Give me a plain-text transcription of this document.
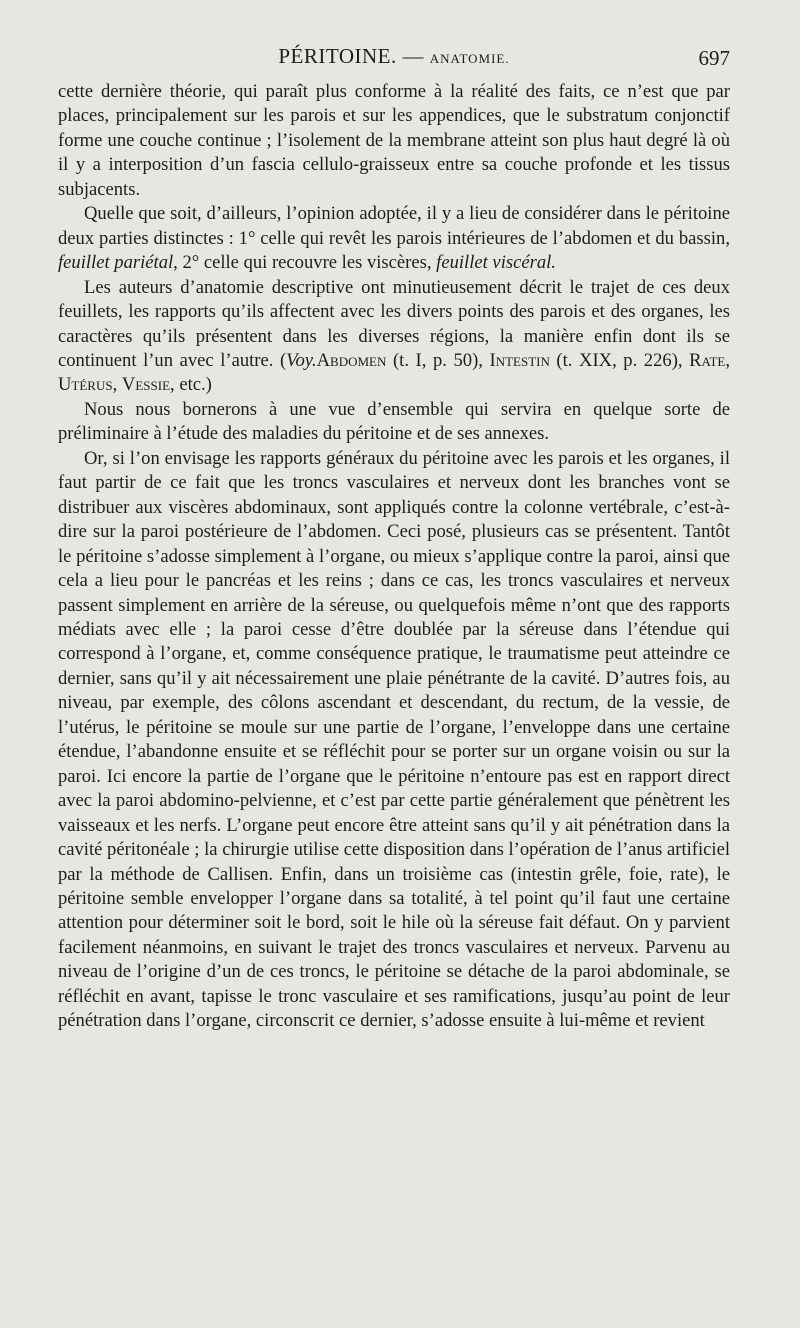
PÉRITOINE. — ANATOMIE.	697

cette dernière théorie, qui paraît plus conforme à la réalité des faits, ce n’est que par places, principalement sur les parois et sur les appendices, que le substratum conjonctif forme une couche continue ; l’isolement de la membrane atteint son plus haut degré là où il y a interposition d’un fascia cellulo-graisseux entre sa couche profonde et les tissus subjacents.

Quelle que soit, d’ailleurs, l’opinion adoptée, il y a lieu de considérer dans le péritoine deux parties distinctes : 1° celle qui revêt les parois intérieures de l’abdomen et du bassin, feuillet pariétal, 2° celle qui recouvre les viscères, feuillet viscéral.

Les auteurs d’anatomie descriptive ont minutieusement décrit le trajet de ces deux feuillets, les rapports qu’ils affectent avec les divers points des parois et des organes, les caractères qu’ils présentent dans les diverses régions, la manière enfin dont ils se continuent l’un avec l’autre. (Voy.Abdomen (t. I, p. 50), Intestin (t. XIX, p. 226), Rate, Utérus, Vessie, etc.)

Nous nous bornerons à une vue d’ensemble qui servira en quelque sorte de préliminaire à l’étude des maladies du péritoine et de ses annexes.

Or, si l’on envisage les rapports généraux du péritoine avec les parois et les organes, il faut partir de ce fait que les troncs vasculaires et nerveux dont les branches vont se distribuer aux viscères abdominaux, sont appliqués contre la colonne vertébrale, c’est-à-dire sur la paroi postérieure de l’abdomen. Ceci posé, plusieurs cas se présentent. Tantôt le péritoine s’adosse simplement à l’organe, ou mieux s’applique contre la paroi, ainsi que cela a lieu pour le pancréas et les reins ; dans ce cas, les troncs vasculaires et nerveux passent simplement en arrière de la séreuse, ou quelquefois même n’ont que des rapports médiats avec elle ; la paroi cesse d’être doublée par la séreuse dans l’étendue qui correspond à l’organe, et, comme conséquence pratique, le traumatisme peut atteindre ce dernier, sans qu’il y ait nécessairement une plaie pénétrante de la cavité. D’autres fois, au niveau, par exemple, des côlons ascendant et descendant, du rectum, de la vessie, de l’utérus, le péritoine se moule sur une partie de l’organe, l’enveloppe dans une certaine étendue, l’abandonne ensuite et se réfléchit pour se porter sur un organe voisin ou sur la paroi. Ici encore la partie de l’organe que le péritoine n’entoure pas est en rapport direct avec la paroi abdomino-pelvienne, et c’est par cette partie généralement que pénètrent les vaisseaux et les nerfs. L’organe peut encore être atteint sans qu’il y ait pénétration dans la cavité péritonéale ; la chirurgie utilise cette disposition dans l’opération de l’anus artificiel par la méthode de Callisen. Enfin, dans un troisième cas (intestin grêle, foie, rate), le péritoine semble envelopper l’organe dans sa totalité, à tel point qu’il faut une certaine attention pour déterminer soit le bord, soit le hile où la séreuse fait défaut. On y parvient facilement néanmoins, en suivant le trajet des troncs vasculaires et nerveux. Parvenu au niveau de l’origine d’un de ces troncs, le péritoine se détache de la paroi abdominale, se réfléchit en avant, tapisse le tronc vasculaire et ses ramifications, jusqu’au point de leur pénétration dans l’organe, circonscrit ce dernier, s’adosse ensuite à lui-même et revient
